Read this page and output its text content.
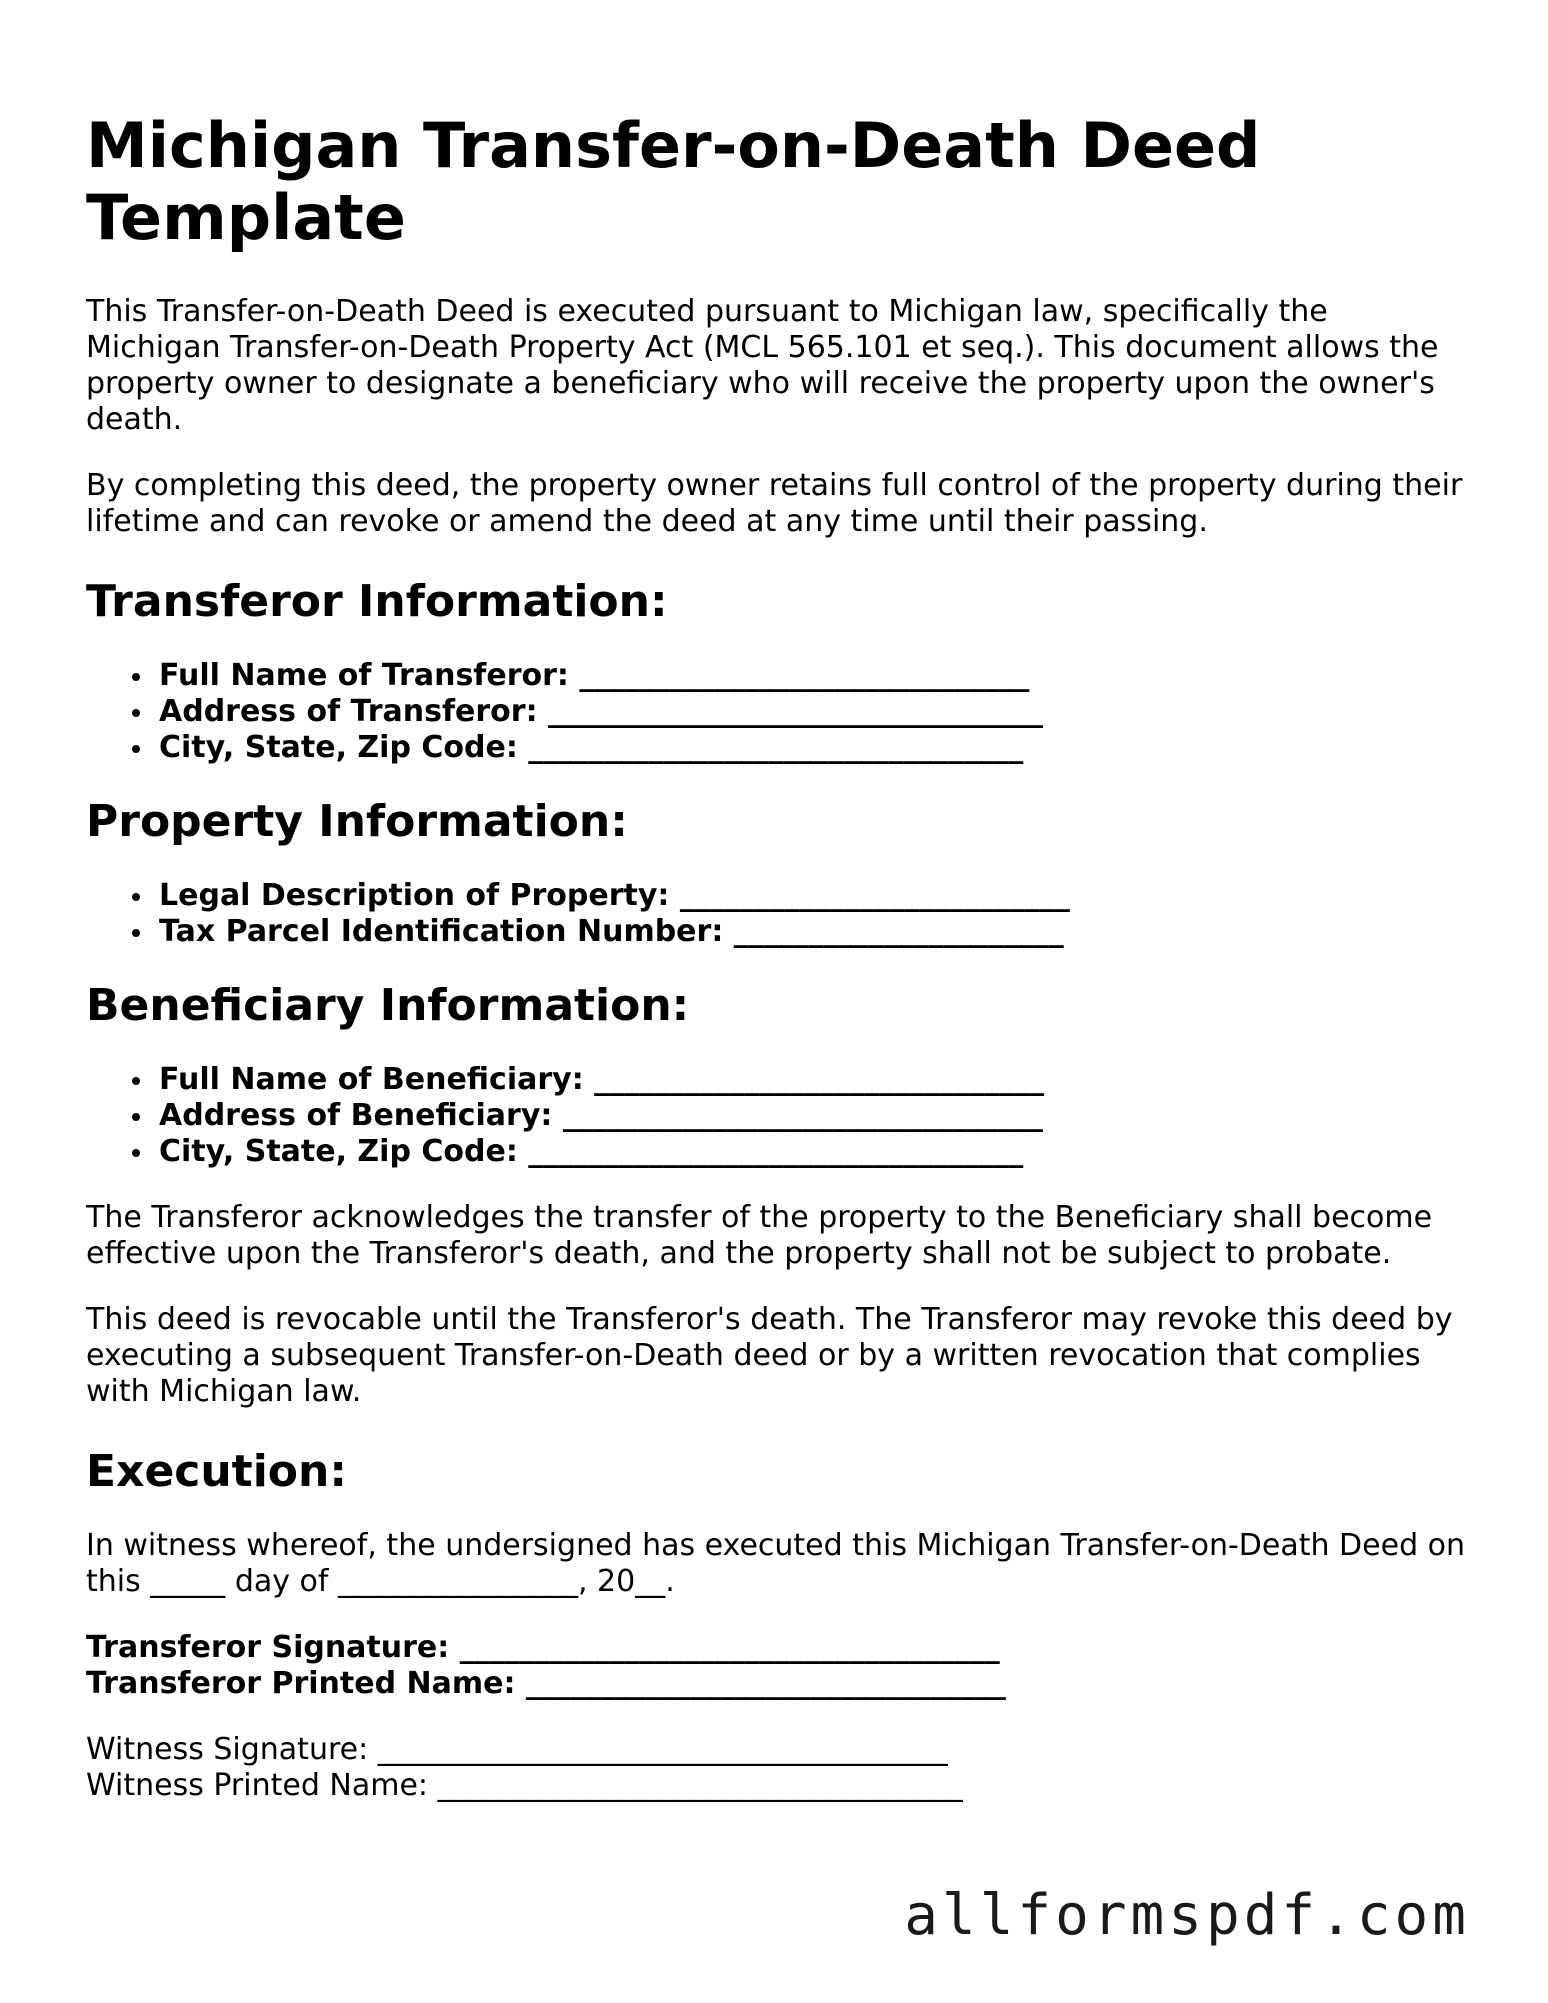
Michigan Transfer-on-Death Deed Template

This Transfer-on-Death Deed is executed pursuant to Michigan law, specifically the Michigan Transfer-on-Death Property Act (MCL 565.101 et seq.). This document allows the property owner to designate a beneficiary who will receive the property upon the owner's death.

By completing this deed, the property owner retains full control of the property during their lifetime and can revoke or amend the deed at any time until their passing.

Transferor Information:
Full Name of Transferor: ______________________________
Address of Transferor: _________________________________
City, State, Zip Code: _________________________________
Property Information:
Legal Description of Property: __________________________
Tax Parcel Identification Number: ______________________
Beneficiary Information:
Full Name of Beneficiary: ______________________________
Address of Beneficiary: ________________________________
City, State, Zip Code: _________________________________

The Transferor acknowledges the transfer of the property to the Beneficiary shall become effective upon the Transferor's death, and the property shall not be subject to probate.

This deed is revocable until the Transferor's death. The Transferor may revoke this deed by executing a subsequent Transfer-on-Death deed or by a written revocation that complies with Michigan law.

Execution:

In witness whereof, the undersigned has executed this Michigan Transfer-on-Death Deed on this _____ day of ________________, 20__.

Transferor Signature: ____________________________________
Transferor Printed Name: ________________________________
Witness Signature: ______________________________________
Witness Printed Name: ___________________________________
allformspdf.com
